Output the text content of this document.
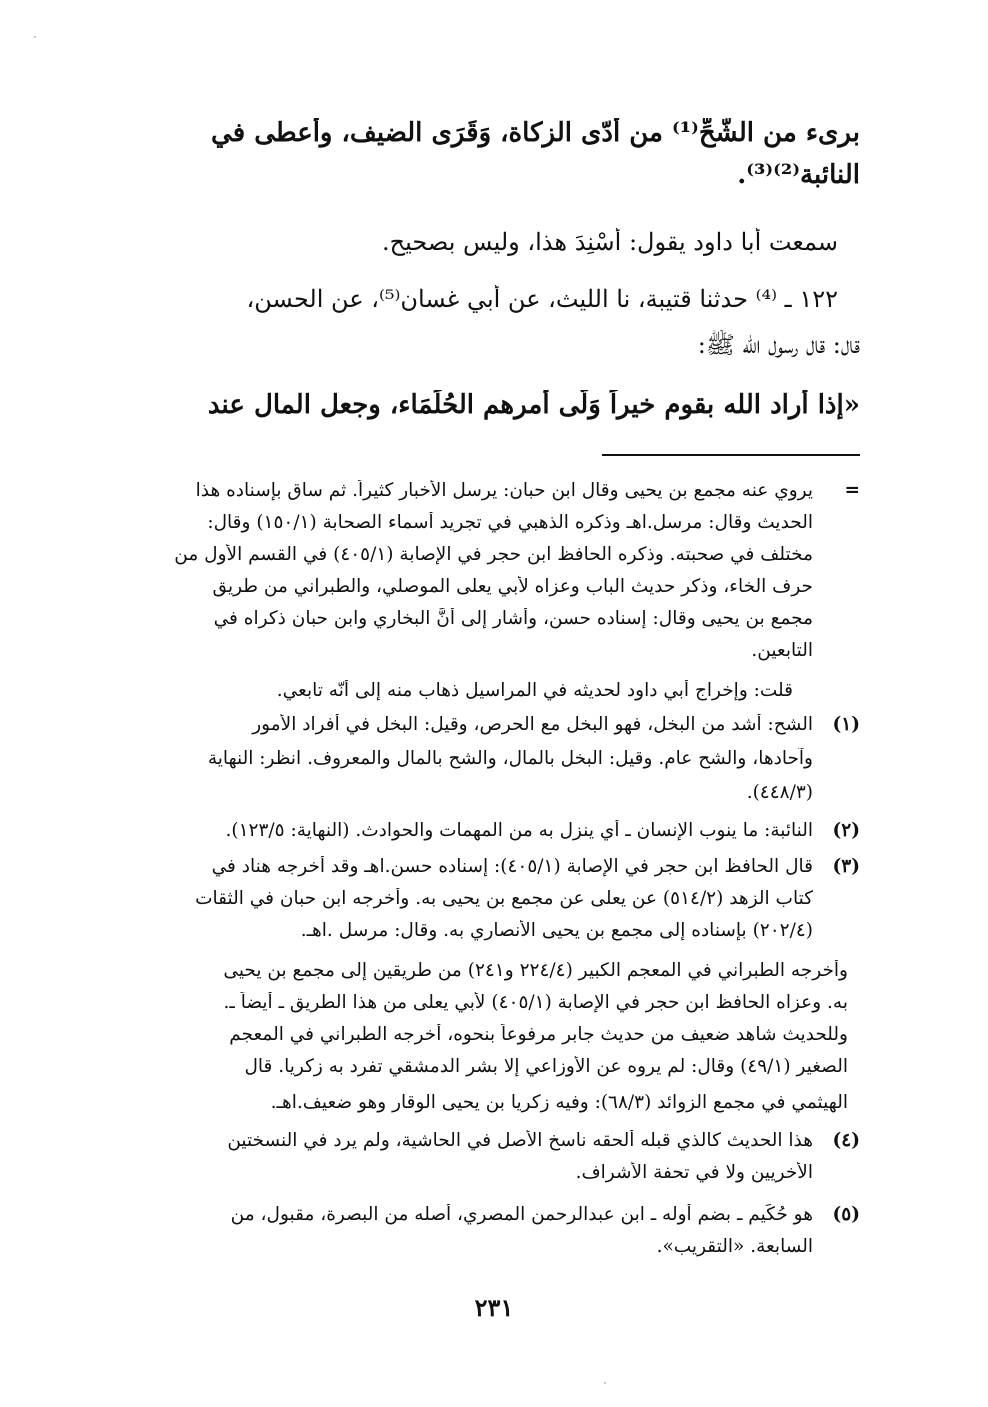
برىء من الشُّحِّ⁽¹⁾ من أدّى الزكاة، وَقَرَى الضيف، وأعطى في
النائبة⁽²⁾⁽³⁾.
سمعت أبا داود يقول: أُسْنِدَ هذا، وليس بصحيح.
١٢٢ ـ ⁽⁴⁾ حدثنا قتيبة، نا الليث، عن أبي غسان⁽⁵⁾، عن الحسن،
قال: قال رسول الله ﷺ:
«إذا أراد الله بقوم خيراً وَلّى أمرهم الحُلَمَاء، وجعل المال عند
=
يروي عنه مجمع بن يحيى وقال ابن حبان: يرسل الأخبار كثيراً. ثم ساق بإسناده هذا
الحديث وقال: مرسل.اهـ وذكره الذهبي في تجريد أسماء الصحابة (١٥٠/١) وقال:
مختلف في صحبته. وذكره الحافظ ابن حجر في الإصابة (٤٠٥/١) في القسم الأول من
حرف الخاء، وذكر حديث الباب وعزاه لأبي يعلى الموصلي، والطبراني من طريق
مجمع بن يحيى وقال: إسناده حسن، وأشار إلى أنَّ البخاري وابن حبان ذكراه في
التابعين.
قلت: وإخراج أبي داود لحديثه في المراسيل ذهاب منه إلى أنّه تابعي.
(١)
الشح: أشد من البخل، فهو البخل مع الحرص، وقيل: البخل في أفراد الأمور
وآحادها، والشح عام. وقيل: البخل بالمال، والشح بالمال والمعروف. انظر: النهاية
(٤٤٨/٣).
(٢)
النائبة: ما ينوب الإنسان ـ أي ينزل به من المهمات والحوادث. (النهاية: ١٢٣/٥).
(٣)
قال الحافظ ابن حجر في الإصابة (٤٠٥/١): إسناده حسن.اهـ وقد أخرجه هناد في
كتاب الزهد (٥١٤/٢) عن يعلى عن مجمع بن يحيى به. وأخرجه ابن حبان في الثقات
(٢٠٢/٤) بإسناده إلى مجمع بن يحيى الأنصاري به. وقال: مرسل .اهـ.
وأخرجه الطبراني في المعجم الكبير (٢٢٤/٤ و٢٤١) من طريقين إلى مجمع بن يحيى
به. وعزاه الحافظ ابن حجر في الإصابة (٤٠٥/١) لأبي يعلى من هذا الطريق ـ أيضاً ـ.
وللحديث شاهد ضعيف من حديث جابر مرفوعاً بنحوه، أخرجه الطبراني في المعجم
الصغير (٤٩/١) وقال: لم يروه عن الأوزاعي إلا بشر الدمشقي تفرد به زكريا. قال
الهيثمي في مجمع الزوائد (٦٨/٣): وفيه زكريا بن يحيى الوقار وهو ضعيف.اهـ.
(٤)
هذا الحديث كالذي قبله ألحقه ناسخ الأصل في الحاشية، ولم يرد في النسختين
الأخريين ولا في تحفة الأشراف.
(٥)
هو حُكَيم ـ بضم أوله ـ ابن عبدالرحمن المصري، أصله من البصرة، مقبول، من
السابعة. «التقريب».
٢٣١
